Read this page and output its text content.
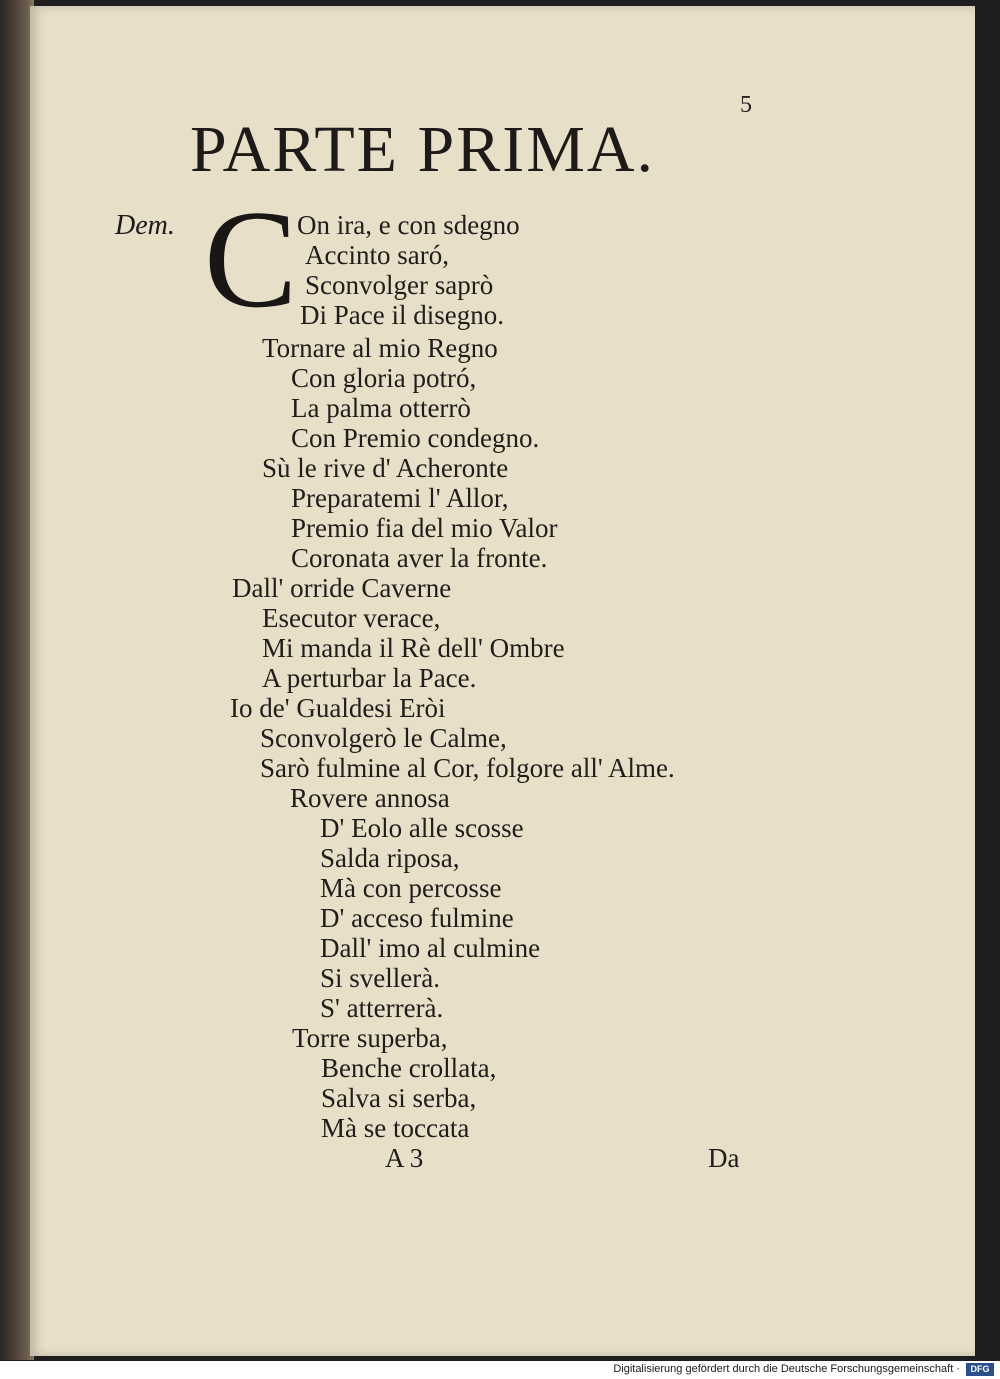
5
PARTE PRIMA.
Dem. C On ira, e con sdegno
Accinto saró,
Sconvolger saprò
Di Pace il disegno.
Tornare al mio Regno
Con gloria potró,
La palma otterrò
Con Premio condegno.
Sù le rive d' Acheronte
Preparatemi l' Allor,
Premio fia del mio Valor
Coronata aver la fronte.
Dall' orride Caverne
Esecutor verace,
Mi manda il Rè dell' Ombre
A perturbar la Pace.
Io de' Gualdesi Eròi
Sconvolgerò le Calme,
Sarò fulmine al Cor, folgore all' Alme.
Rovere annosa
D' Eolo alle scosse
Salda riposa,
Mà con percosse
D' acceso fulmine
Dall' imo al culmine
Si svellerà.
S' atterrerà.
Torre superba,
Benche crollata,
Salva si serba,
Mà se toccata
A 3	Da
Digitalisierung gefördert durch die Deutsche Forschungsgemeinschaft ·	DFG
